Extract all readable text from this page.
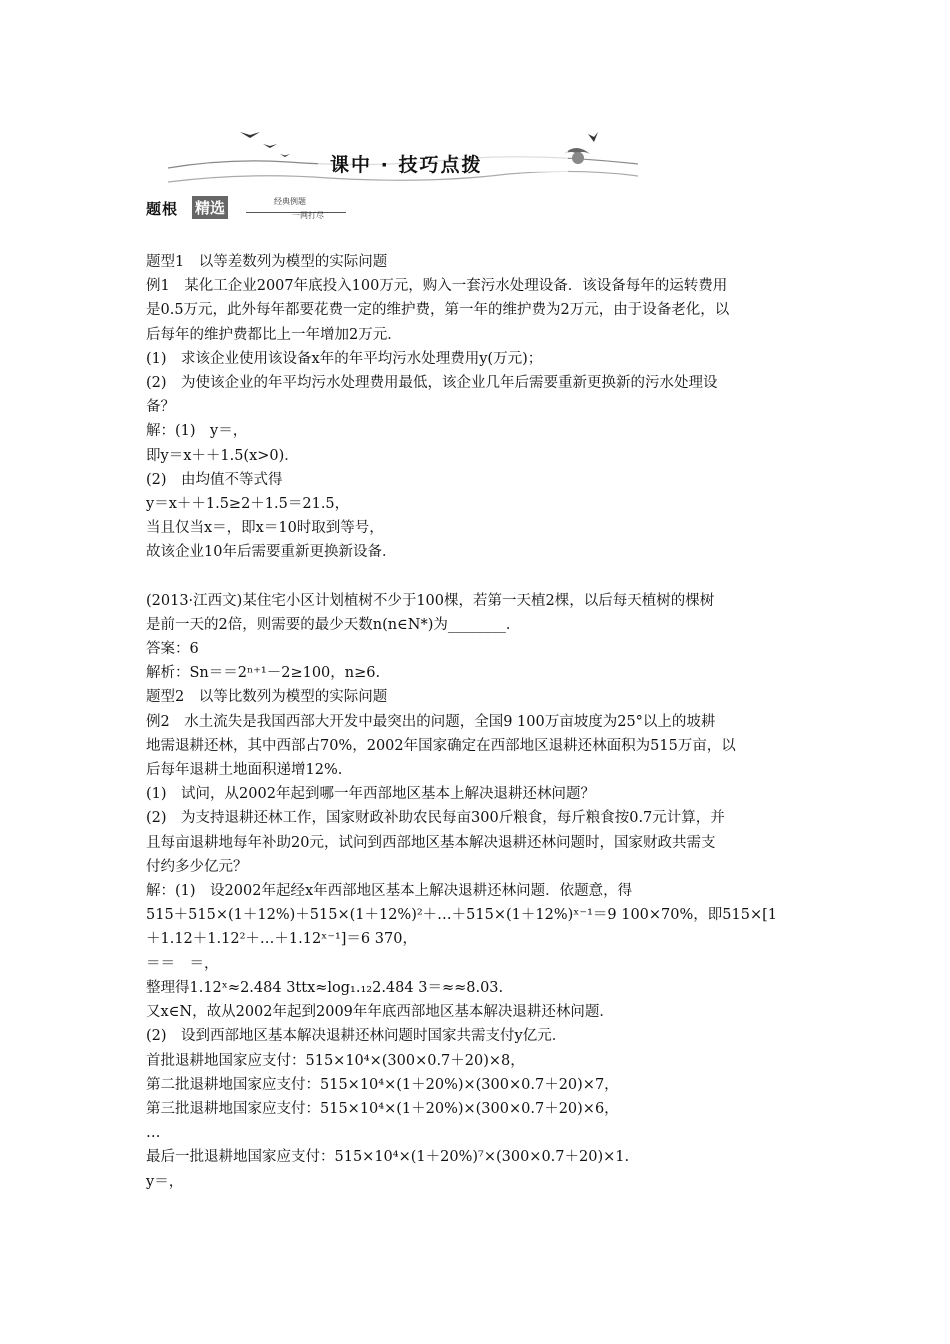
课中 · 技巧点拨
题根 精选	经典例题
一网打尽

题型1　以等差数列为模型的实际问题

例1　某化工企业2007年底投入100万元，购入一套污水处理设备．该设备每年的运转费用

是0.5万元，此外每年都要花费一定的维护费，第一年的维护费为2万元，由于设备老化，以

后每年的维护费都比上一年增加2万元．

(1)　求该企业使用该设备x年的年平均污水处理费用y(万元)；

(2)　为使该企业的年平均污水处理费用最低，该企业几年后需要重新更换新的污水处理设

备？

解：(1)　y＝，

即y＝x＋＋1.5(x>0)．

(2)　由均值不等式得

y＝x＋＋1.5≥2＋1.5＝21.5，

当且仅当x＝，即x＝10时取到等号，

故该企业10年后需要重新更换新设备．

(2013·江西文)某住宅小区计划植树不少于100棵，若第一天植2棵，以后每天植树的棵树

是前一天的2倍，则需要的最少天数n(n∈N*)为________．

答案：6

解析：Sn＝＝2ⁿ⁺¹－2≥100，n≥6.

题型2　以等比数列为模型的实际问题

例2　水土流失是我国西部大开发中最突出的问题，全国9 100万亩坡度为25°以上的坡耕

地需退耕还林，其中西部占70%，2002年国家确定在西部地区退耕还林面积为515万亩，以

后每年退耕土地面积递增12%.

(1)　试问，从2002年起到哪一年西部地区基本上解决退耕还林问题？

(2)　为支持退耕还林工作，国家财政补助农民每亩300斤粮食，每斤粮食按0.7元计算，并

且每亩退耕地每年补助20元，试问到西部地区基本解决退耕还林问题时，国家财政共需支

付约多少亿元？

解：(1)　设2002年起经x年西部地区基本上解决退耕还林问题．依题意，得

515＋515×(1＋12%)＋515×(1＋12%)²＋…＋515×(1＋12%)ˣ⁻¹＝9 100×70%，即515×[1

＋1.12＋1.12²＋…＋1.12ˣ⁻¹]＝6 370，

＝＝　＝，

整理得1.12ˣ≈2.484 3ttx≈log₁.₁₂2.484 3＝≈≈8.03.

又x∈N，故从2002年起到2009年年底西部地区基本解决退耕还林问题．

(2)　设到西部地区基本解决退耕还林问题时国家共需支付y亿元．

首批退耕地国家应支付：515×10⁴×(300×0.7＋20)×8，

第二批退耕地国家应支付：515×10⁴×(1＋20%)×(300×0.7＋20)×7，

第三批退耕地国家应支付：515×10⁴×(1＋20%)×(300×0.7＋20)×6，

…

最后一批退耕地国家应支付：515×10⁴×(1＋20%)⁷×(300×0.7＋20)×1.

y＝，
